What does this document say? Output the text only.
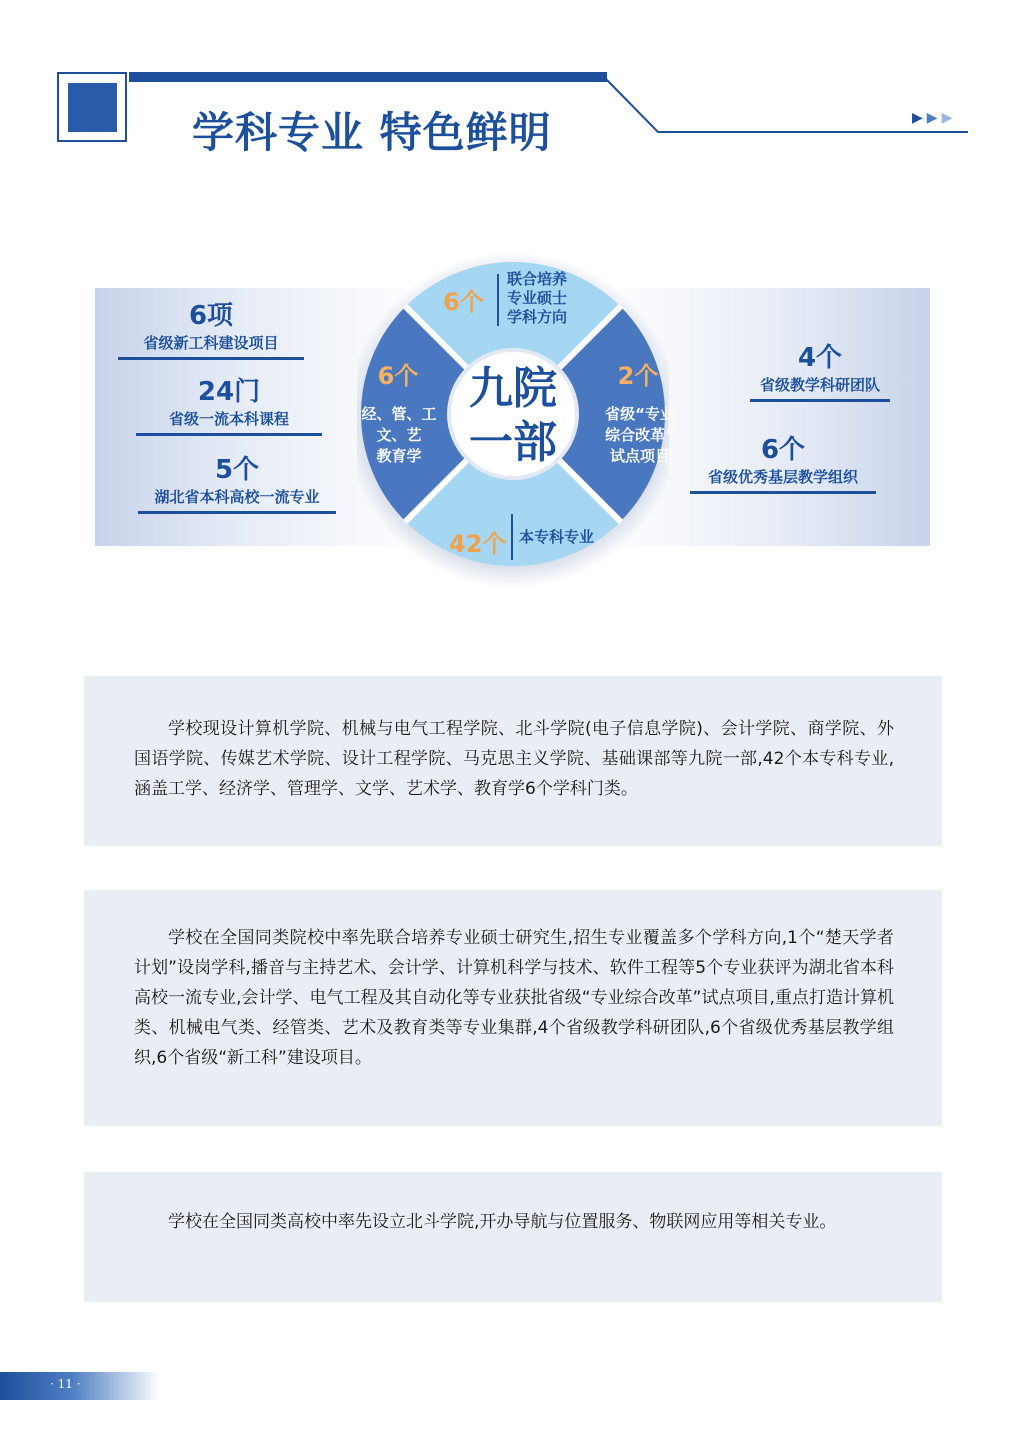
学科专业 特色鲜明	▶▶▶
6项
省级新工科建设项目
24门
省级一流本科课程
5个
湖北省本科高校一流专业
4个
省级教学科研团队
6个
省级优秀基层教学组织
九院
一部
6个
联合培养
专业硕士
学科方向
6个
经、管、工
文、艺
教育学
2个
省级“专业
综合改革”
试点项目
42个 本专科专业

学校现设计算机学院、机械与电气工程学院、北斗学院(电子信息学院)、会计学院、商学院、外国语学院、传媒艺术学院、设计工程学院、马克思主义学院、基础课部等九院一部,42个本专科专业,涵盖工学、经济学、管理学、文学、艺术学、教育学6个学科门类。

学校在全国同类院校中率先联合培养专业硕士研究生,招生专业覆盖多个学科方向,1个“楚天学者计划”设岗学科,播音与主持艺术、会计学、计算机科学与技术、软件工程等5个专业获评为湖北省本科高校一流专业,会计学、电气工程及其自动化等专业获批省级“专业综合改革”试点项目,重点打造计算机类、机械电气类、经管类、艺术及教育类等专业集群,4个省级教学科研团队,6个省级优秀基层教学组织,6个省级“新工科”建设项目。

学校在全国同类高校中率先设立北斗学院,开办导航与位置服务、物联网应用等相关专业。

· 11 ·
